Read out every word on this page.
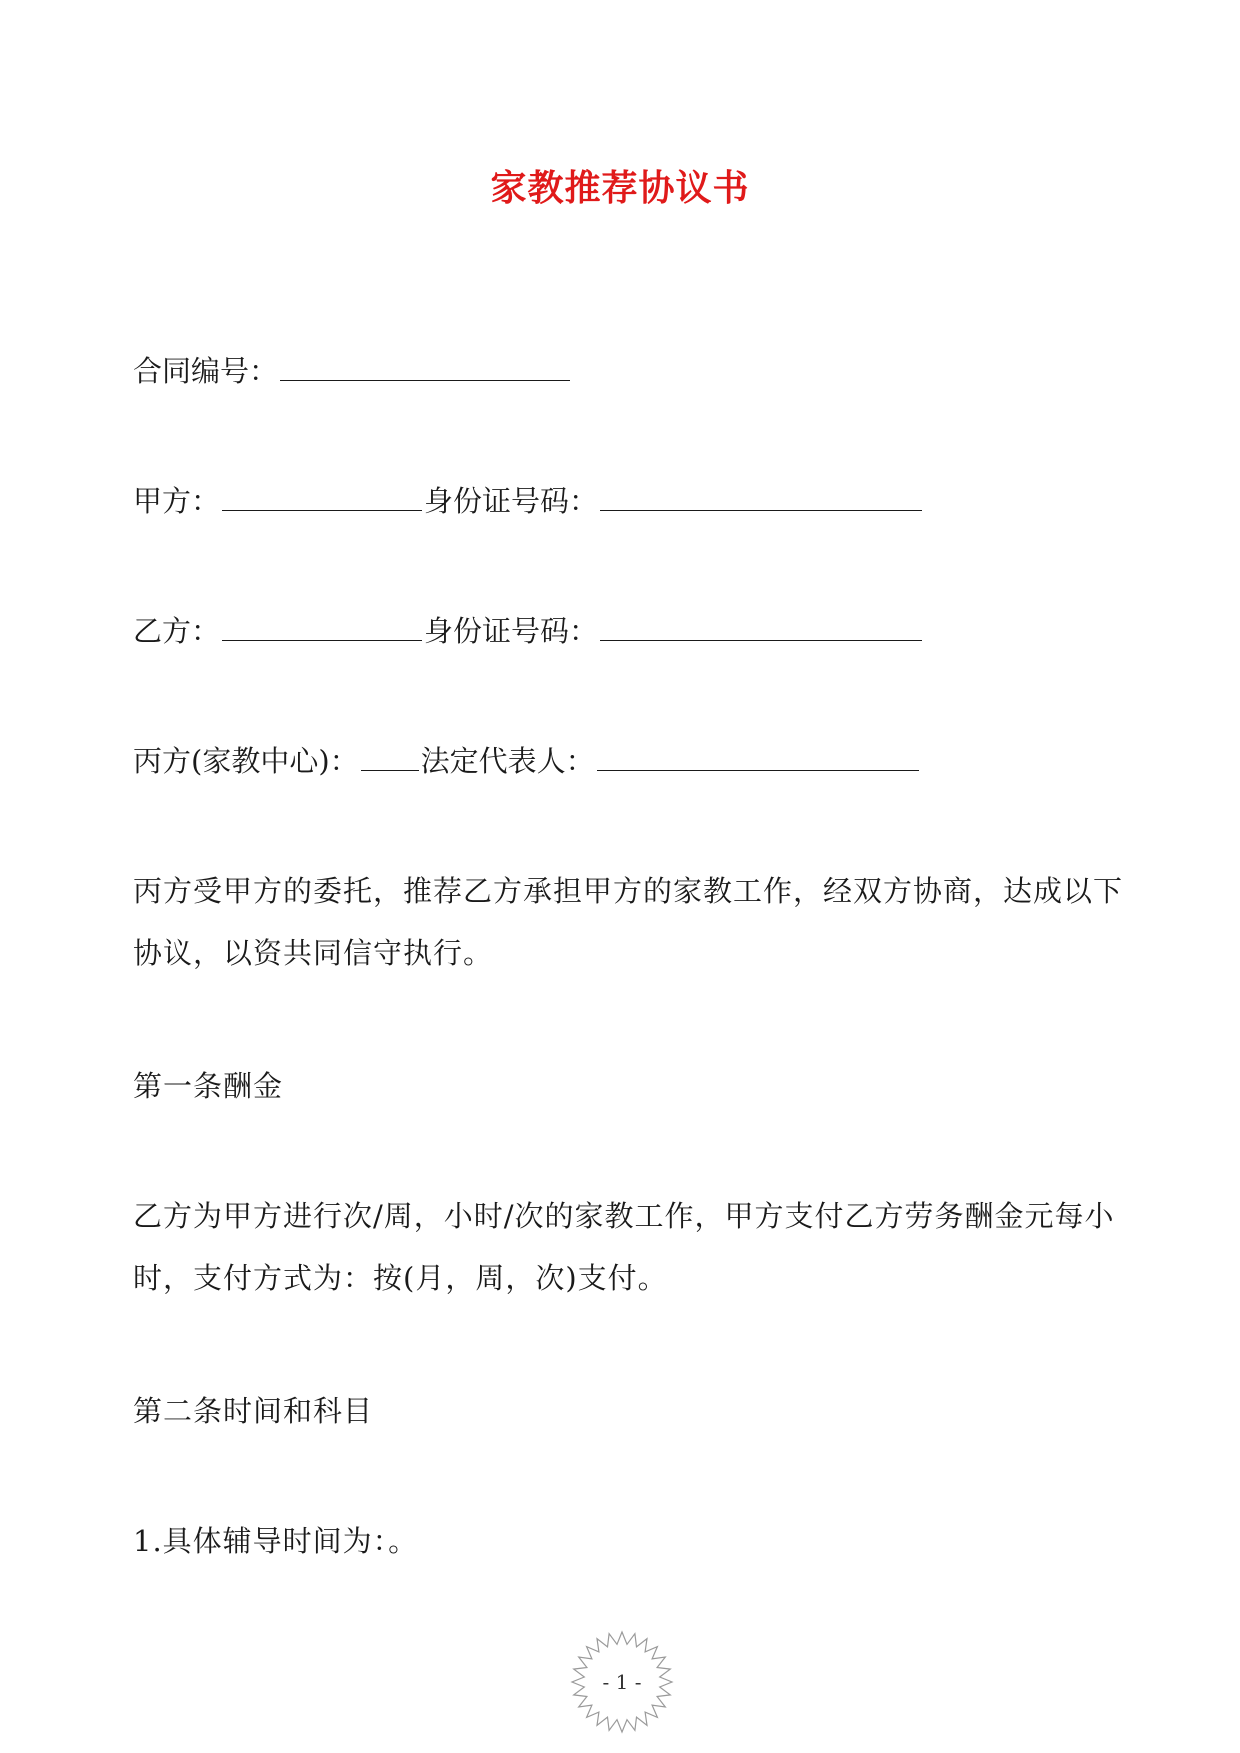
家教推荐协议书
合同编号：
甲方：	身份证号码：
乙方：	身份证号码：
丙方(家教中心)： 法定代表人：
丙方受甲方的委托，推荐乙方承担甲方的家教工作，经双方协商，达成以下协议，以资共同信守执行。
第一条酬金
乙方为甲方进行次/周，小时/次的家教工作，甲方支付乙方劳务酬金元每小时，支付方式为：按(月，周，次)支付。
第二条时间和科目
1.具体辅导时间为：。
- 1 -
